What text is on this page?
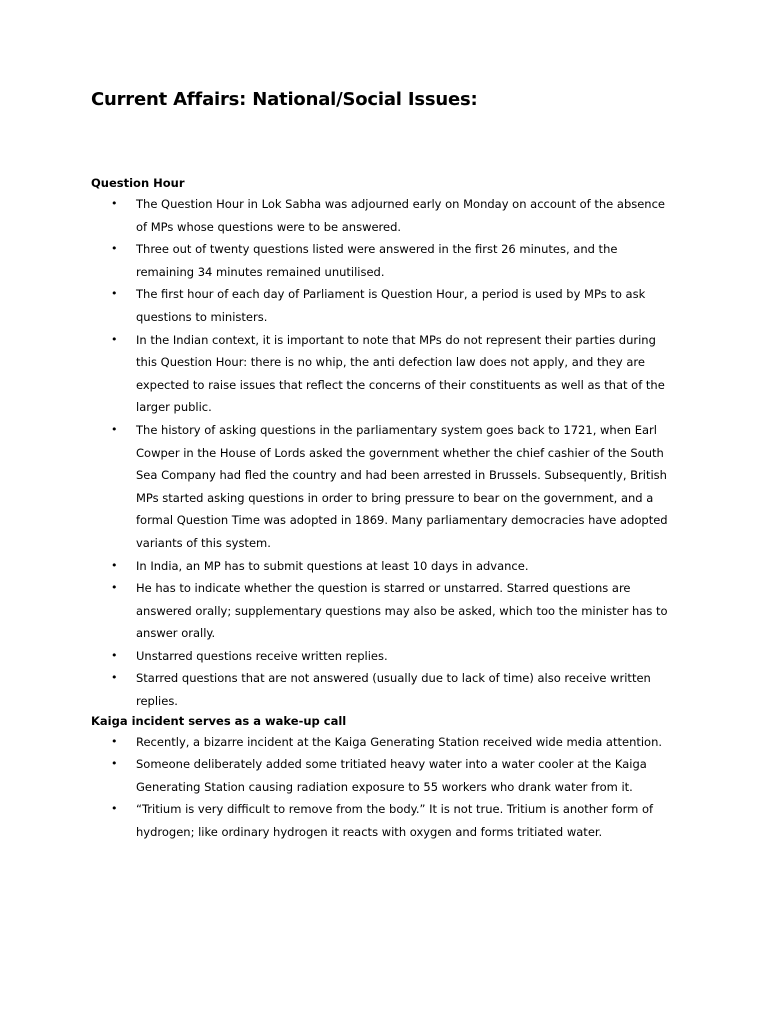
Current Affairs: National/Social Issues:

Question Hour

• The Question Hour in Lok Sabha was adjourned early on Monday on account of the absence of MPs whose questions were to be answered.
• Three out of twenty questions listed were answered in the first 26 minutes, and the remaining 34 minutes remained unutilised.
• The first hour of each day of Parliament is Question Hour, a period is used by MPs to ask questions to ministers.
• In the Indian context, it is important to note that MPs do not represent their parties during this Question Hour: there is no whip, the anti defection law does not apply, and they are expected to raise issues that reflect the concerns of their constituents as well as that of the larger public.
• The history of asking questions in the parliamentary system goes back to 1721, when Earl Cowper in the House of Lords asked the government whether the chief cashier of the South Sea Company had fled the country and had been arrested in Brussels. Subsequently, British MPs started asking questions in order to bring pressure to bear on the government, and a formal Question Time was adopted in 1869. Many parliamentary democracies have adopted variants of this system.
• In India, an MP has to submit questions at least 10 days in advance.
• He has to indicate whether the question is starred or unstarred. Starred questions are answered orally; supplementary questions may also be asked, which too the minister has to answer orally.
• Unstarred questions receive written replies.
• Starred questions that are not answered (usually due to lack of time) also receive written replies.

Kaiga incident serves as a wake-up call

• Recently, a bizarre incident at the Kaiga Generating Station received wide media attention.
• Someone deliberately added some tritiated heavy water into a water cooler at the Kaiga Generating Station causing radiation exposure to 55 workers who drank water from it.
• “Tritium is very difficult to remove from the body.” It is not true. Tritium is another form of hydrogen; like ordinary hydrogen it reacts with oxygen and forms tritiated water.
